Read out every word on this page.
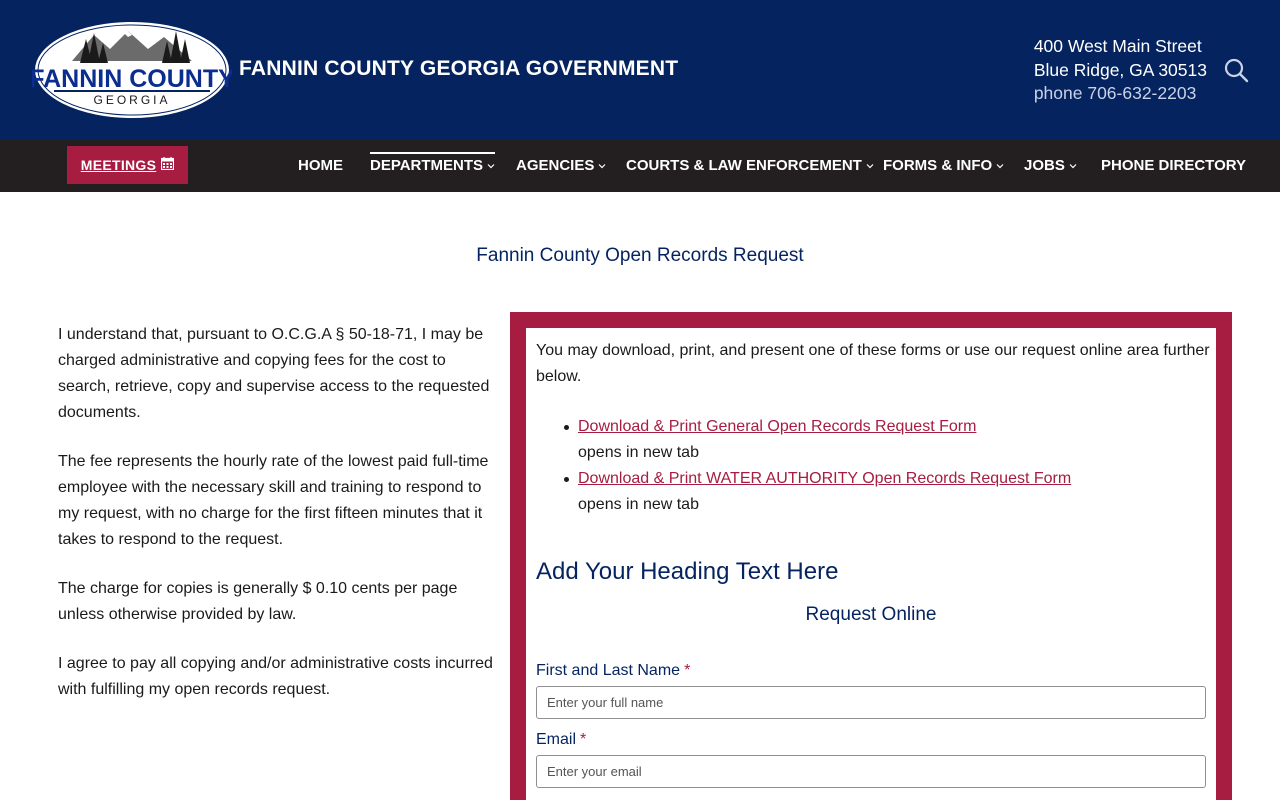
FANNIN COUNTY
GEORGIA
FANNIN COUNTY GEORGIA GOVERNMENT
400 West Main Street
Blue Ridge, GA 30513
phone 706-632-2203
MEETINGS	HOME DEPARTMENTS AGENCIES COURTS & LAW ENFORCEMENT FORMS & INFO JOBS PHONE DIRECTORY
Fannin County Open Records Request

I understand that, pursuant to O.C.G.A § 50-18-71, I may be charged administrative and copying fees for the cost to search, retrieve, copy and supervise access to the requested documents.

The fee represents the hourly rate of the lowest paid full-time employee with the necessary skill and training to respond to my request, with no charge for the first fifteen minutes that it takes to respond to the request.

The charge for copies is generally $ 0.10 cents per page unless otherwise provided by law.

I agree to pay all copying and/or administrative costs incurred with fulfilling my open records request.

You may download, print, and present one of these forms or use our request online area further below.
Download & Print General Open Records Request Form
opens in new tab
Download & Print WATER AUTHORITY Open Records Request Form
opens in new tab
Add Your Heading Text Here
Request Online
First and Last Name *
Enter your full name
Email *
Enter your email
